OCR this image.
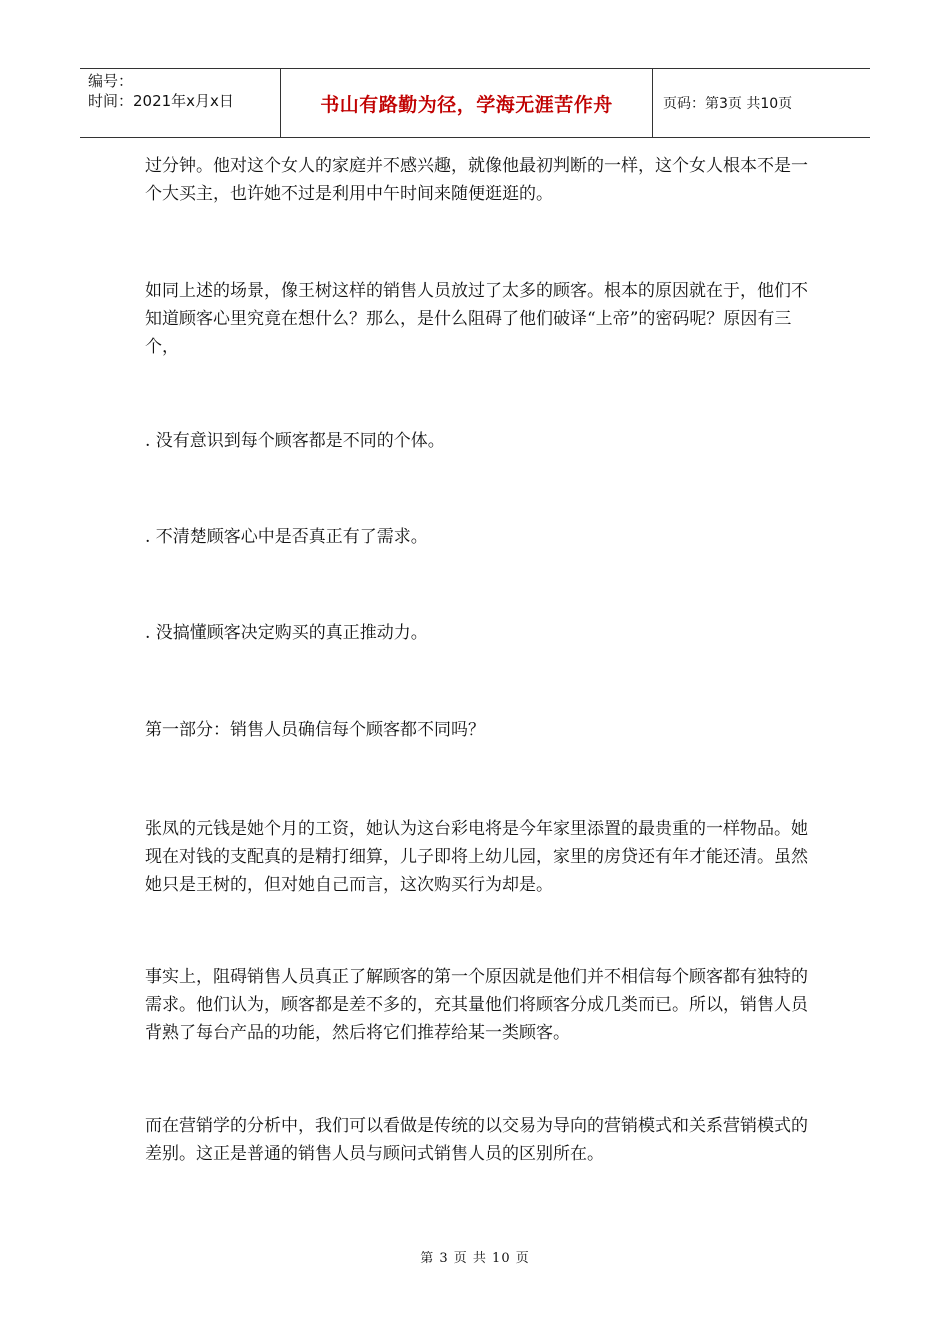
编号：
时间：2021年x月x日	书山有路勤为径，学海无涯苦作舟	页码：第3页 共10页

过分钟。他对这个女人的家庭并不感兴趣，就像他最初判断的一样，这个女人根本不是一个大买主，也许她不过是利用中午时间来随便逛逛的。

如同上述的场景，像王树这样的销售人员放过了太多的顾客。根本的原因就在于，他们不知道顾客心里究竟在想什么？那么，是什么阻碍了他们破译“上帝”的密码呢？原因有三个，

. 没有意识到每个顾客都是不同的个体。

. 不清楚顾客心中是否真正有了需求。

. 没搞懂顾客决定购买的真正推动力。

第一部分：销售人员确信每个顾客都不同吗？

张凤的元钱是她个月的工资，她认为这台彩电将是今年家里添置的最贵重的一样物品。她现在对钱的支配真的是精打细算，儿子即将上幼儿园，家里的房贷还有年才能还清。虽然她只是王树的，但对她自己而言，这次购买行为却是。

事实上，阻碍销售人员真正了解顾客的第一个原因就是他们并不相信每个顾客都有独特的需求。他们认为，顾客都是差不多的，充其量他们将顾客分成几类而已。所以，销售人员背熟了每台产品的功能，然后将它们推荐给某一类顾客。

而在营销学的分析中，我们可以看做是传统的以交易为导向的营销模式和关系营销模式的差别。这正是普通的销售人员与顾问式销售人员的区别所在。

第 3 页 共 10 页
